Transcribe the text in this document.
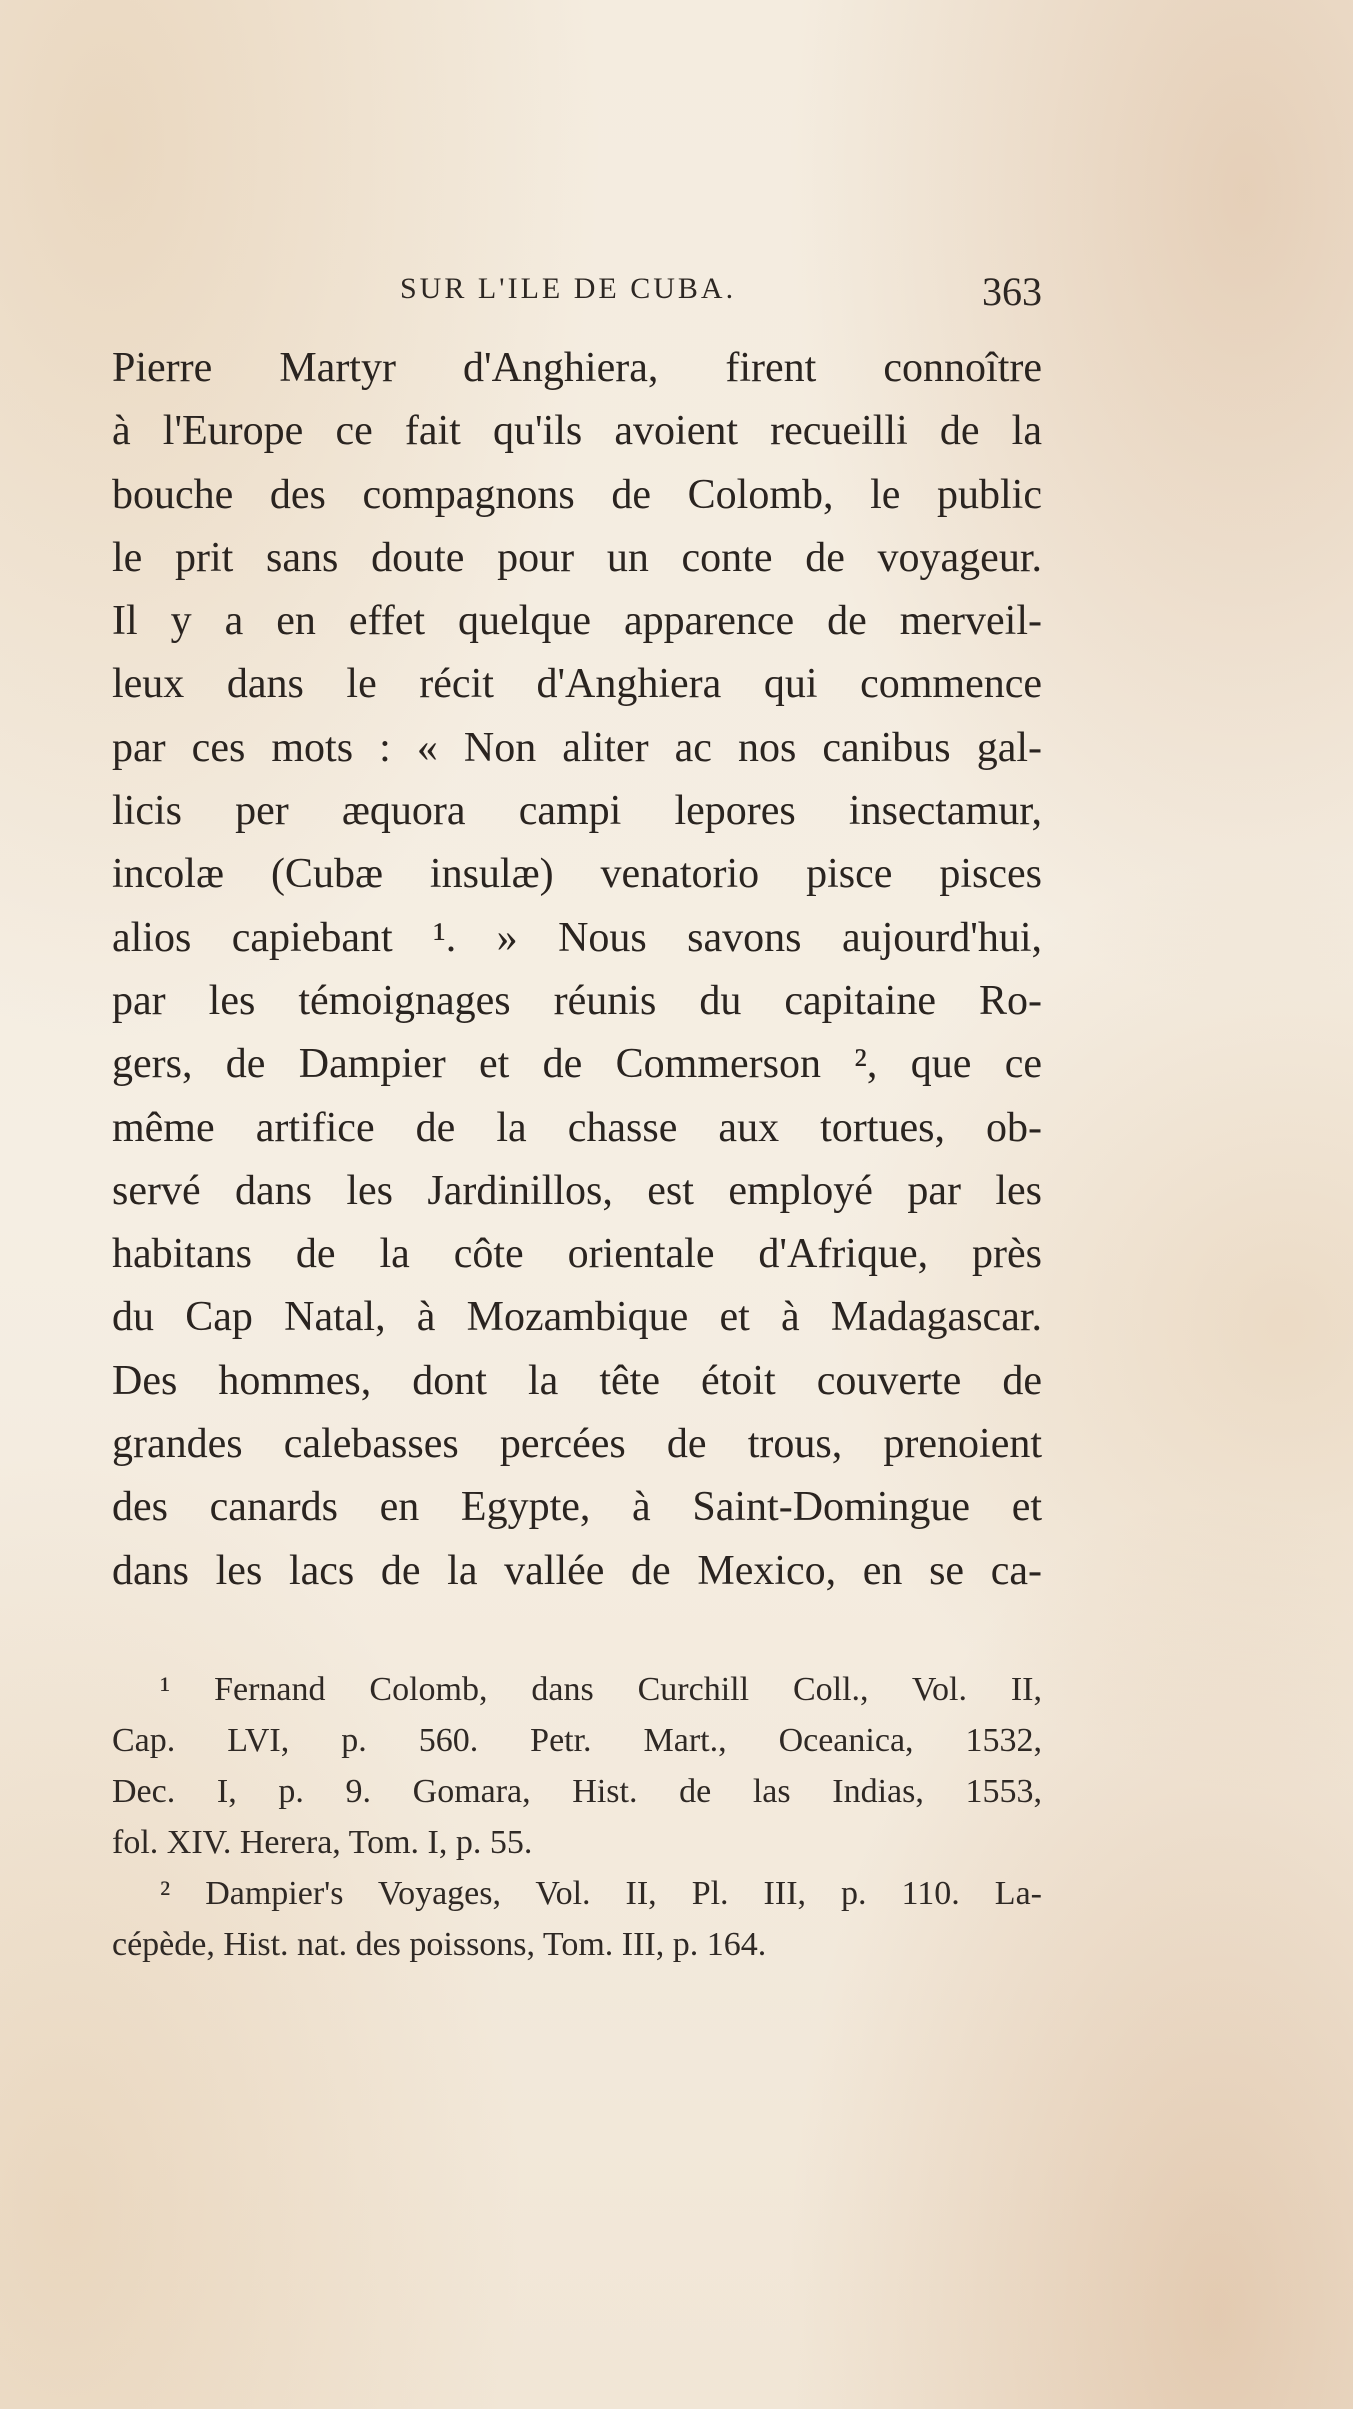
SUR L'ILE DE CUBA.	363
Pierre Martyr d'Anghiera, firent connoître
à l'Europe ce fait qu'ils avoient recueilli de la
bouche des compagnons de Colomb, le public
le prit sans doute pour un conte de voyageur.
Il y a en effet quelque apparence de merveil-
leux dans le récit d'Anghiera qui commence
par ces mots : « Non aliter ac nos canibus gal-
licis per æquora campi lepores insectamur,
incolæ (Cubæ insulæ) venatorio pisce pisces
alios capiebant ¹. » Nous savons aujourd'hui,
par les témoignages réunis du capitaine Ro-
gers, de Dampier et de Commerson ², que ce
même artifice de la chasse aux tortues, ob-
servé dans les Jardinillos, est employé par les
habitans de la côte orientale d'Afrique, près
du Cap Natal, à Mozambique et à Madagascar.
Des hommes, dont la tête étoit couverte de
grandes calebasses percées de trous, prenoient
des canards en Egypte, à Saint-Domingue et
dans les lacs de la vallée de Mexico, en se ca-
¹ Fernand Colomb, dans Curchill Coll., Vol. II,
Cap. LVI, p. 560. Petr. Mart., Oceanica, 1532,
Dec. I, p. 9. Gomara, Hist. de las Indias, 1553,
fol. XIV. Herera, Tom. I, p. 55.
² Dampier's Voyages, Vol. II, Pl. III, p. 110. La-
cépède, Hist. nat. des poissons, Tom. III, p. 164.
